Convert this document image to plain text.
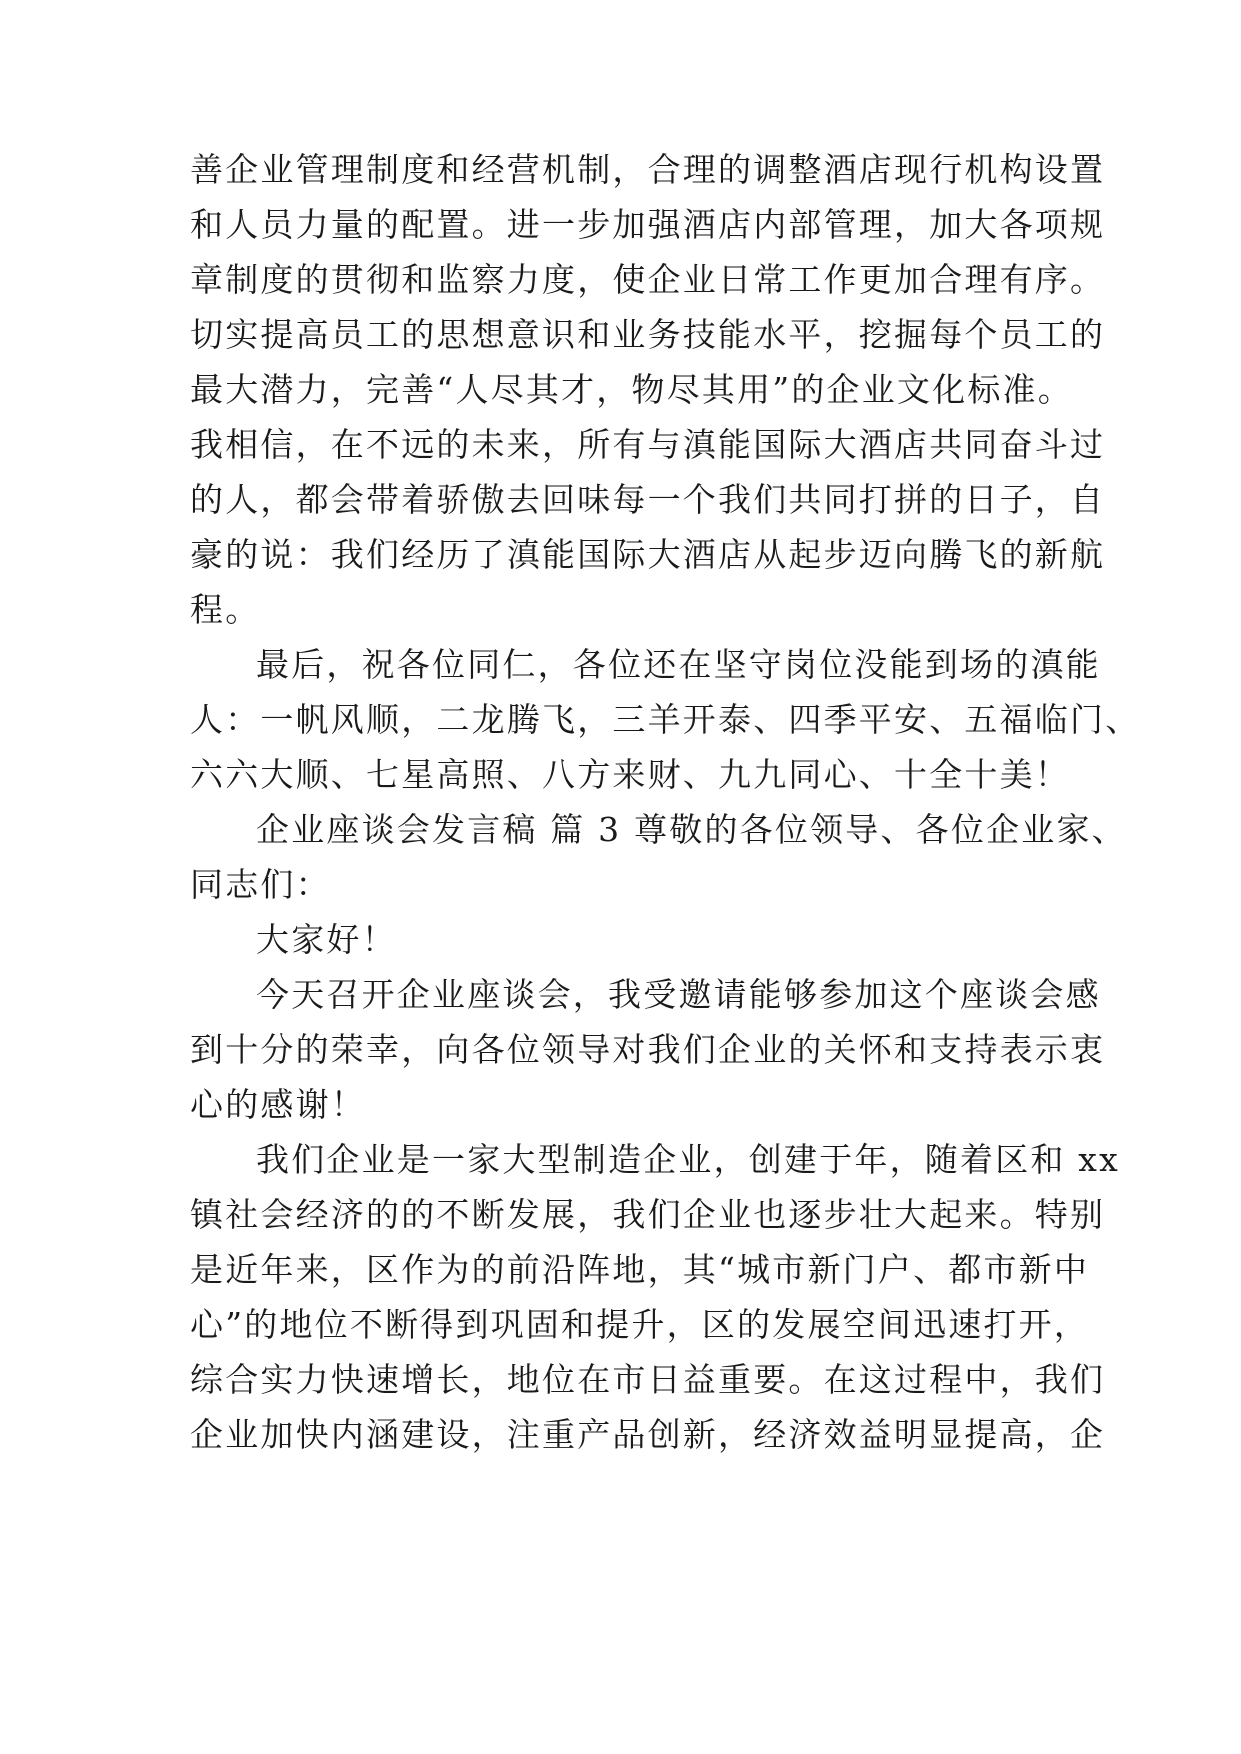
善企业管理制度和经营机制，合理的调整酒店现行机构设置
和人员力量的配置。进一步加强酒店内部管理，加大各项规
章制度的贯彻和监察力度，使企业日常工作更加合理有序。
切实提高员工的思想意识和业务技能水平，挖掘每个员工的
最大潜力，完善“人尽其才，物尽其用”的企业文化标准。
我相信，在不远的未来，所有与滇能国际大酒店共同奋斗过
的人，都会带着骄傲去回味每一个我们共同打拼的日子，自
豪的说：我们经历了滇能国际大酒店从起步迈向腾飞的新航
程。
最后，祝各位同仁，各位还在坚守岗位没能到场的滇能
人：一帆风顺，二龙腾飞，三羊开泰、四季平安、五福临门、
六六大顺、七星高照、八方来财、九九同心、十全十美！
企业座谈会发言稿 篇 3 尊敬的各位领导、各位企业家、
同志们：
大家好！
今天召开企业座谈会，我受邀请能够参加这个座谈会感
到十分的荣幸，向各位领导对我们企业的关怀和支持表示衷
心的感谢！
我们企业是一家大型制造企业，创建于年，随着区和 xx
镇社会经济的的不断发展，我们企业也逐步壮大起来。特别
是近年来，区作为的前沿阵地，其“城市新门户、都市新中
心”的地位不断得到巩固和提升，区的发展空间迅速打开，
综合实力快速增长，地位在市日益重要。在这过程中，我们
企业加快内涵建设，注重产品创新，经济效益明显提高，企
